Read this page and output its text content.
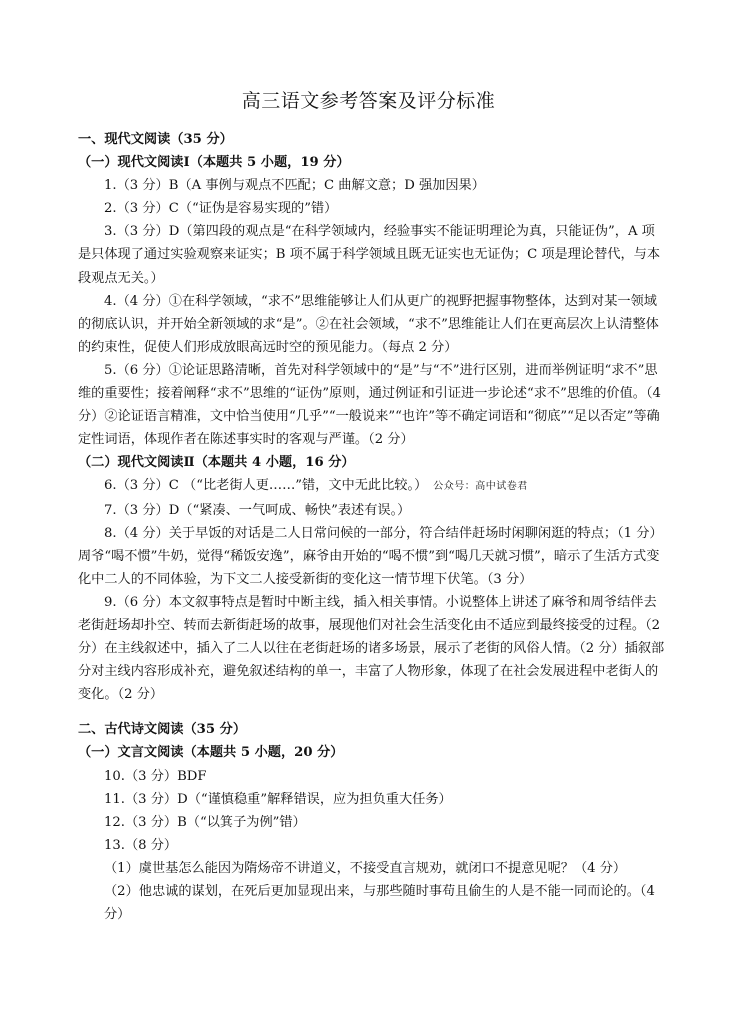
高三语文参考答案及评分标准

一、现代文阅读（35 分）

（一）现代文阅读Ⅰ（本题共 5 小题，19 分）

1.（3 分）B（A 事例与观点不匹配；C 曲解文意；D 强加因果）

2.（3 分）C（“证伪是容易实现的”错）

3.（3 分）D（第四段的观点是“在科学领域内，经验事实不能证明理论为真，只能证伪”，A 项是只体现了通过实验观察来证实；B 项不属于科学领域且既无证实也无证伪；C 项是理论替代，与本段观点无关。）

4.（4 分）①在科学领域，“求不”思维能够让人们从更广的视野把握事物整体，达到对某一领域的彻底认识，并开始全新领域的求“是”。②在社会领域，“求不”思维能让人们在更高层次上认清整体的约束性，促使人们形成放眼高远时空的预见能力。（每点 2 分）

5.（6 分）①论证思路清晰，首先对科学领域中的“是”与“不”进行区别，进而举例证明“求不”思维的重要性；接着阐释“求不”思维的“证伪”原则，通过例证和引证进一步论述“求不”思维的价值。（4 分）②论证语言精准，文中恰当使用“几乎”“一般说来”“也许”等不确定词语和“彻底”“足以否定”等确定性词语，体现作者在陈述事实时的客观与严谨。（2 分）

（二）现代文阅读Ⅱ（本题共 4 小题，16 分）

6.（3 分）C （“比老街人更……”错，文中无此比较。） 公众号：高中试卷君

7.（3 分）D（“紧凑、一气呵成、畅快”表述有误。）

8.（4 分）关于早饭的对话是二人日常问候的一部分，符合结伴赶场时闲聊闲逛的特点；（1 分）周爷“喝不惯”牛奶，觉得“稀饭安逸”，麻爷由开始的“喝不惯”到“喝几天就习惯”，暗示了生活方式变化中二人的不同体验，为下文二人接受新街的变化这一情节埋下伏笔。（3 分）

9.（6 分）本文叙事特点是暂时中断主线，插入相关事情。小说整体上讲述了麻爷和周爷结伴去老街赶场却扑空、转而去新街赶场的故事，展现他们对社会生活变化由不适应到最终接受的过程。（2 分）在主线叙述中，插入了二人以往在老街赶场的诸多场景，展示了老街的风俗人情。（2 分）插叙部分对主线内容形成补充，避免叙述结构的单一，丰富了人物形象，体现了在社会发展进程中老街人的变化。（2 分）

二、古代诗文阅读（35 分）

（一）文言文阅读（本题共 5 小题，20 分）

10.（3 分）BDF

11.（3 分）D（“谨慎稳重”解释错误，应为担负重大任务）

12.（3 分）B（“以箕子为例”错）

13.（8 分）

（1）虞世基怎么能因为隋炀帝不讲道义，不接受直言规劝，就闭口不提意见呢？（4 分）

（2）他忠诚的谋划，在死后更加显现出来，与那些随时事苟且偷生的人是不能一同而论的。（4 分）
